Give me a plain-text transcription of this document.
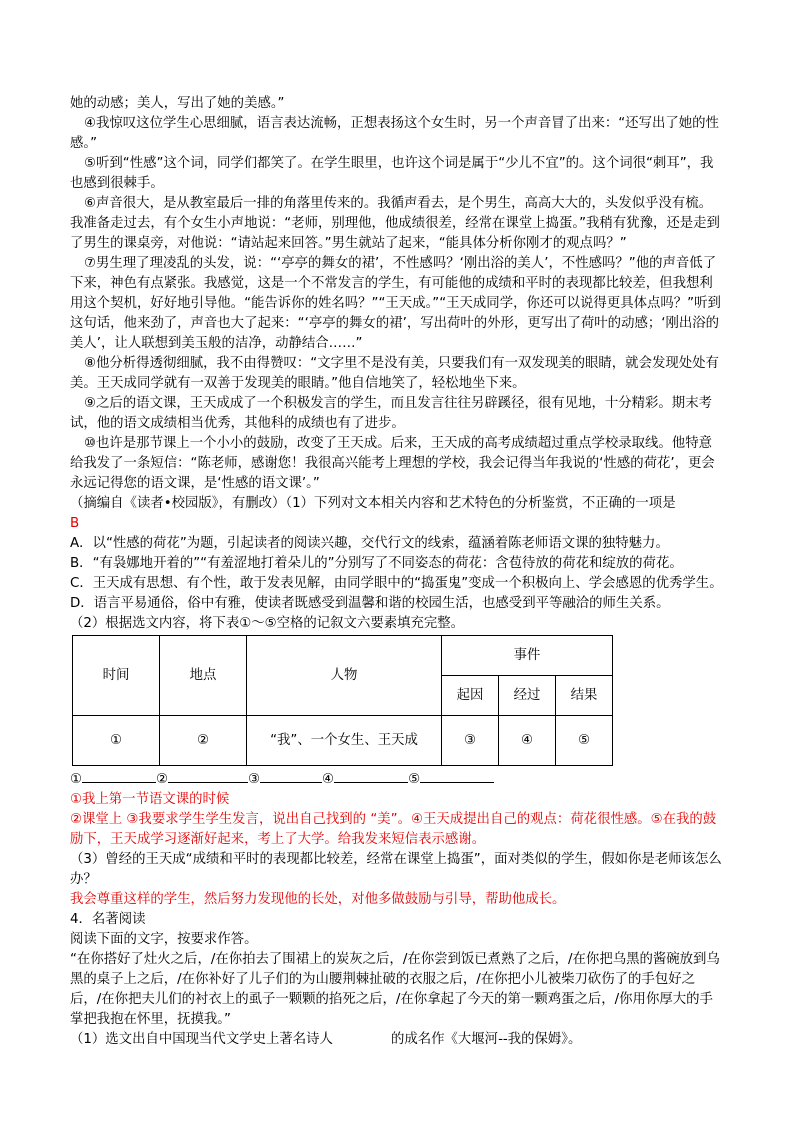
她的动感；美人，写出了她的美感。”

④我惊叹这位学生心思细腻，语言表达流畅，正想表扬这个女生时，另一个声音冒了出来：“还写出了她的性感。”

⑤听到“性感”这个词，同学们都笑了。在学生眼里，也许这个词是属于“少儿不宜”的。这个词很“刺耳”，我也感到很棘手。

⑥声音很大，是从教室最后一排的角落里传来的。我循声看去，是个男生，高高大大的，头发似乎没有梳。我准备走过去，有个女生小声地说：“老师，别理他，他成绩很差，经常在课堂上捣蛋。”我稍有犹豫，还是走到了男生的课桌旁，对他说：“请站起来回答。”男生就站了起来，“能具体分析你刚才的观点吗？”

⑦男生理了理凌乱的头发，说：“‘亭亭的舞女的裙’，不性感吗？‘刚出浴的美人’，不性感吗？”他的声音低了下来，神色有点紧张。我感觉，这是一个不常发言的学生，有可能他的成绩和平时的表现都比较差，但我想利用这个契机，好好地引导他。“能告诉你的姓名吗？”“王天成。”“王天成同学，你还可以说得更具体点吗？”听到这句话，他来劲了，声音也大了起来：“‘亭亭的舞女的裙’，写出荷叶的外形，更写出了荷叶的动感；‘刚出浴的美人’，让人联想到美玉般的洁净，动静结合……”

⑧他分析得透彻细腻，我不由得赞叹：“文字里不是没有美，只要我们有一双发现美的眼睛，就会发现处处有美。王天成同学就有一双善于发现美的眼睛。”他自信地笑了，轻松地坐下来。

⑨之后的语文课，王天成成了一个积极发言的学生，而且发言往往另辟蹊径，很有见地，十分精彩。期末考试，他的语文成绩相当优秀，其他科的成绩也有了进步。

⑩也许是那节课上一个小小的鼓励，改变了王天成。后来，王天成的高考成绩超过重点学校录取线。他特意给我发了一条短信：“陈老师，感谢您！我很高兴能考上理想的学校，我会记得当年我说的‘性感的荷花’，更会永远记得您的语文课，是‘性感的语文课’。”

（摘编自《读者•校园版》，有删改）（1）下列对文本相关内容和艺术特色的分析鉴赏，不正确的一项是

B

A．以“性感的荷花”为题，引起读者的阅读兴趣，交代行文的线索，蕴涵着陈老师语文课的独特魅力。

B．“有袅娜地开着的”“有羞涩地打着朵儿的”分别写了不同姿态的荷花：含苞待放的荷花和绽放的荷花。

C．王天成有思想、有个性，敢于发表见解，由同学眼中的“捣蛋鬼”变成一个积极向上、学会感恩的优秀学生。

D．语言平易通俗，俗中有雅，使读者既感受到温馨和谐的校园生活，也感受到平等融洽的师生关系。

（2）根据选文内容，将下表①～⑤空格的记叙文六要素填充完整。

时间	地点	人物	事件		
			起因	经过	结果
①	②	“我”、一个女生、王天成	③	④	⑤

①	②	③	④	⑤

①我上第一节语文课的时候

②课堂上 ③我要求学生学生发言，说出自己找到的 “美”。④王天成提出自己的观点：荷花很性感。⑤在我的鼓励下，王天成学习逐渐好起来，考上了大学。给我发来短信表示感谢。

（3）曾经的王天成“成绩和平时的表现都比较差，经常在课堂上捣蛋”，面对类似的学生，假如你是老师该怎么办？

我会尊重这样的学生，然后努力发现他的长处，对他多做鼓励与引导，帮助他成长。

4．名著阅读

阅读下面的文字，按要求作答。

“在你搭好了灶火之后，/在你拍去了围裙上的炭灰之后，/在你尝到饭已煮熟了之后，/在你把乌黑的酱碗放到乌黑的桌子上之后，/在你补好了儿子们的为山腰荆棘扯破的衣服之后，/在你把小儿被柴刀砍伤了的手包好之后，/在你把夫儿们的衬衣上的虱子一颗颗的掐死之后，/在你拿起了今天的第一颗鸡蛋之后，/你用你厚大的手掌把我抱在怀里，抚摸我。”

（1）选文出自中国现当代文学史上著名诗人	的成名作《大堰河--我的保姆》。
